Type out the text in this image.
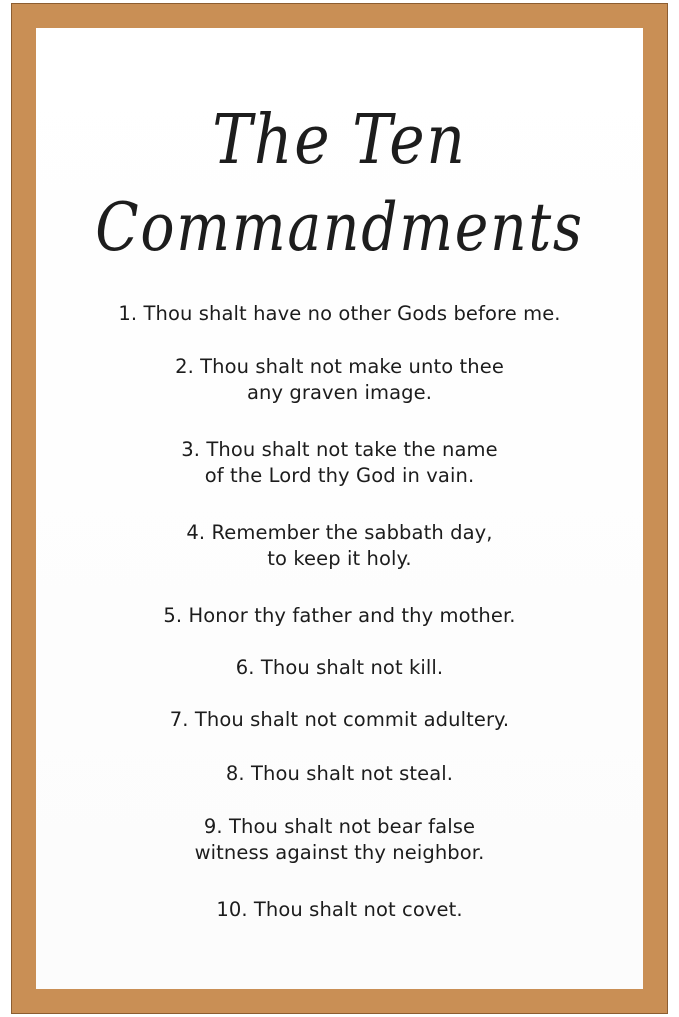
The Ten
Commandments
1. Thou shalt have no other Gods before me.
2. Thou shalt not make unto thee
any graven image.
3. Thou shalt not take the name
of the Lord thy God in vain.
4. Remember the sabbath day,
to keep it holy.
5. Honor thy father and thy mother.
6. Thou shalt not kill.
7. Thou shalt not commit adultery.
8. Thou shalt not steal.
9. Thou shalt not bear false
witness against thy neighbor.
10. Thou shalt not covet.
